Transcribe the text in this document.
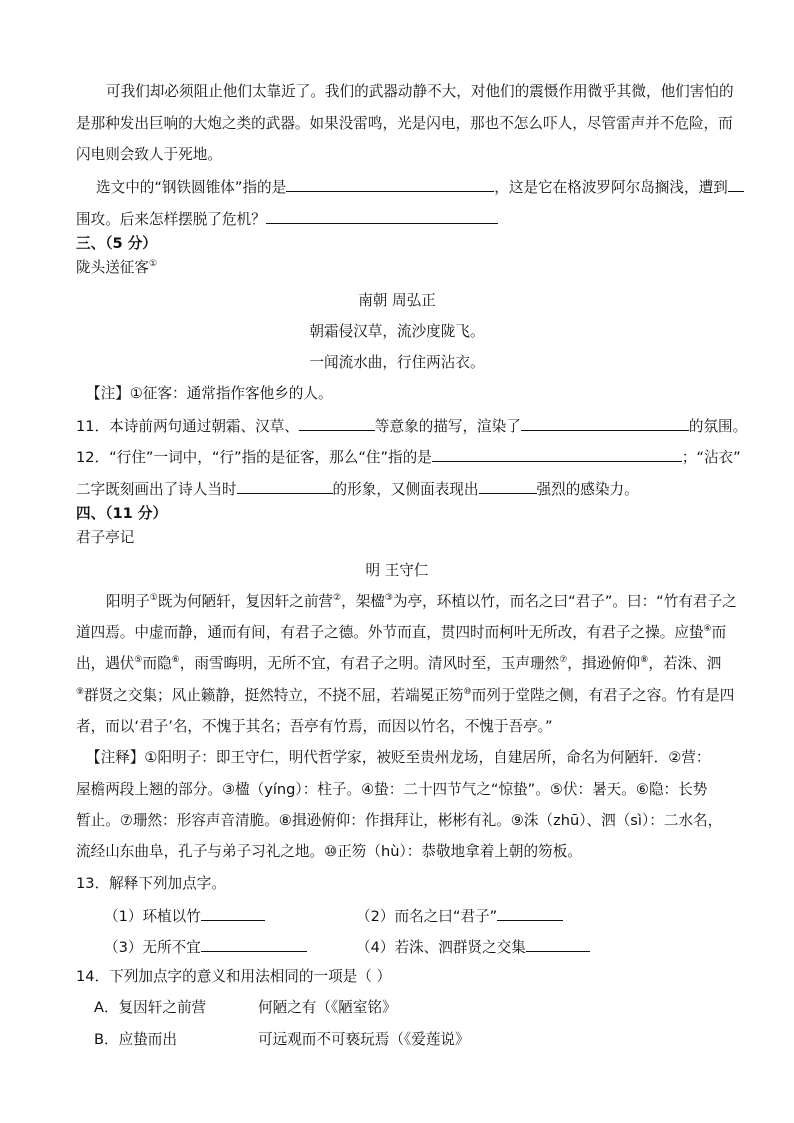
可我们却必须阻止他们太靠近了。我们的武器动静不大，对他们的震慑作用微乎其微，他们害怕的
是那种发出巨响的大炮之类的武器。如果没雷鸣，光是闪电，那也不怎么吓人，尽管雷声并不危险，而
闪电则会致人于死地。
选文中的“钢铁圆锥体”指的是	，这是它在格波罗阿尔岛搁浅，遭到
围攻。后来怎样摆脱了危机？
三、（5 分）
陇头送征客①
南朝 周弘正
朝霜侵汉草，流沙度陇飞。
一闻流水曲，行住两沾衣。
【注】①征客：通常指作客他乡的人。
11．本诗前两句通过朝霜、汉草、	等意象的描写，渲染了	的氛围。
12．“行住”一词中，“行”指的是征客，那么“住”指的是	；“沾衣”
二字既刻画出了诗人当时	的形象，又侧面表现出	强烈的感染力。
四、（11 分）
君子亭记
明 王守仁
阳明子①既为何陋轩，复因轩之前营②，架楹③为亭，环植以竹，而名之曰“君子”。曰：“竹有君子之
道四焉。中虚而静，通而有间，有君子之德。外节而直，贯四时而柯叶无所改，有君子之操。应蛰④而
出，遇伏⑤而隐⑥，雨雪晦明，无所不宜，有君子之明。清风时至，玉声珊然⑦，揖逊俯仰⑧，若洙、泗
⑨群贤之交集；风止籁静，挺然特立，不挠不屈，若端冕正笏⑩而列于堂陛之侧，有君子之容。竹有是四
者，而以‘君子’名，不愧于其名；吾亭有竹焉，而因以竹名，不愧于吾亭。”
【注释】①阳明子：即王守仁，明代哲学家，被贬至贵州龙场，自建居所，命名为何陋轩．②营：
屋檐两段上翘的部分。③楹（yíng）：柱子。④蛰：二十四节气之“惊蛰”。⑤伏：暑天。⑥隐：长势
暂止。⑦珊然：形容声音清脆。⑧揖逊俯仰：作揖拜让，彬彬有礼。⑨洙（zhū）、泗（sì）：二水名，
流经山东曲阜，孔子与弟子习礼之地。⑩正笏（hù）：恭敬地拿着上朝的笏板。
13．解释下列加点字。
（1）环植以竹	（2）而名之曰“君子”
（3）无所不宜	（4）若洙、泗群贤之交集
14．下列加点字的意义和用法相同的一项是（ ）
A．复因轩之前营	何陋之有（《陋室铭》
B．应蛰而出	可远观而不可亵玩焉（《爱莲说》
